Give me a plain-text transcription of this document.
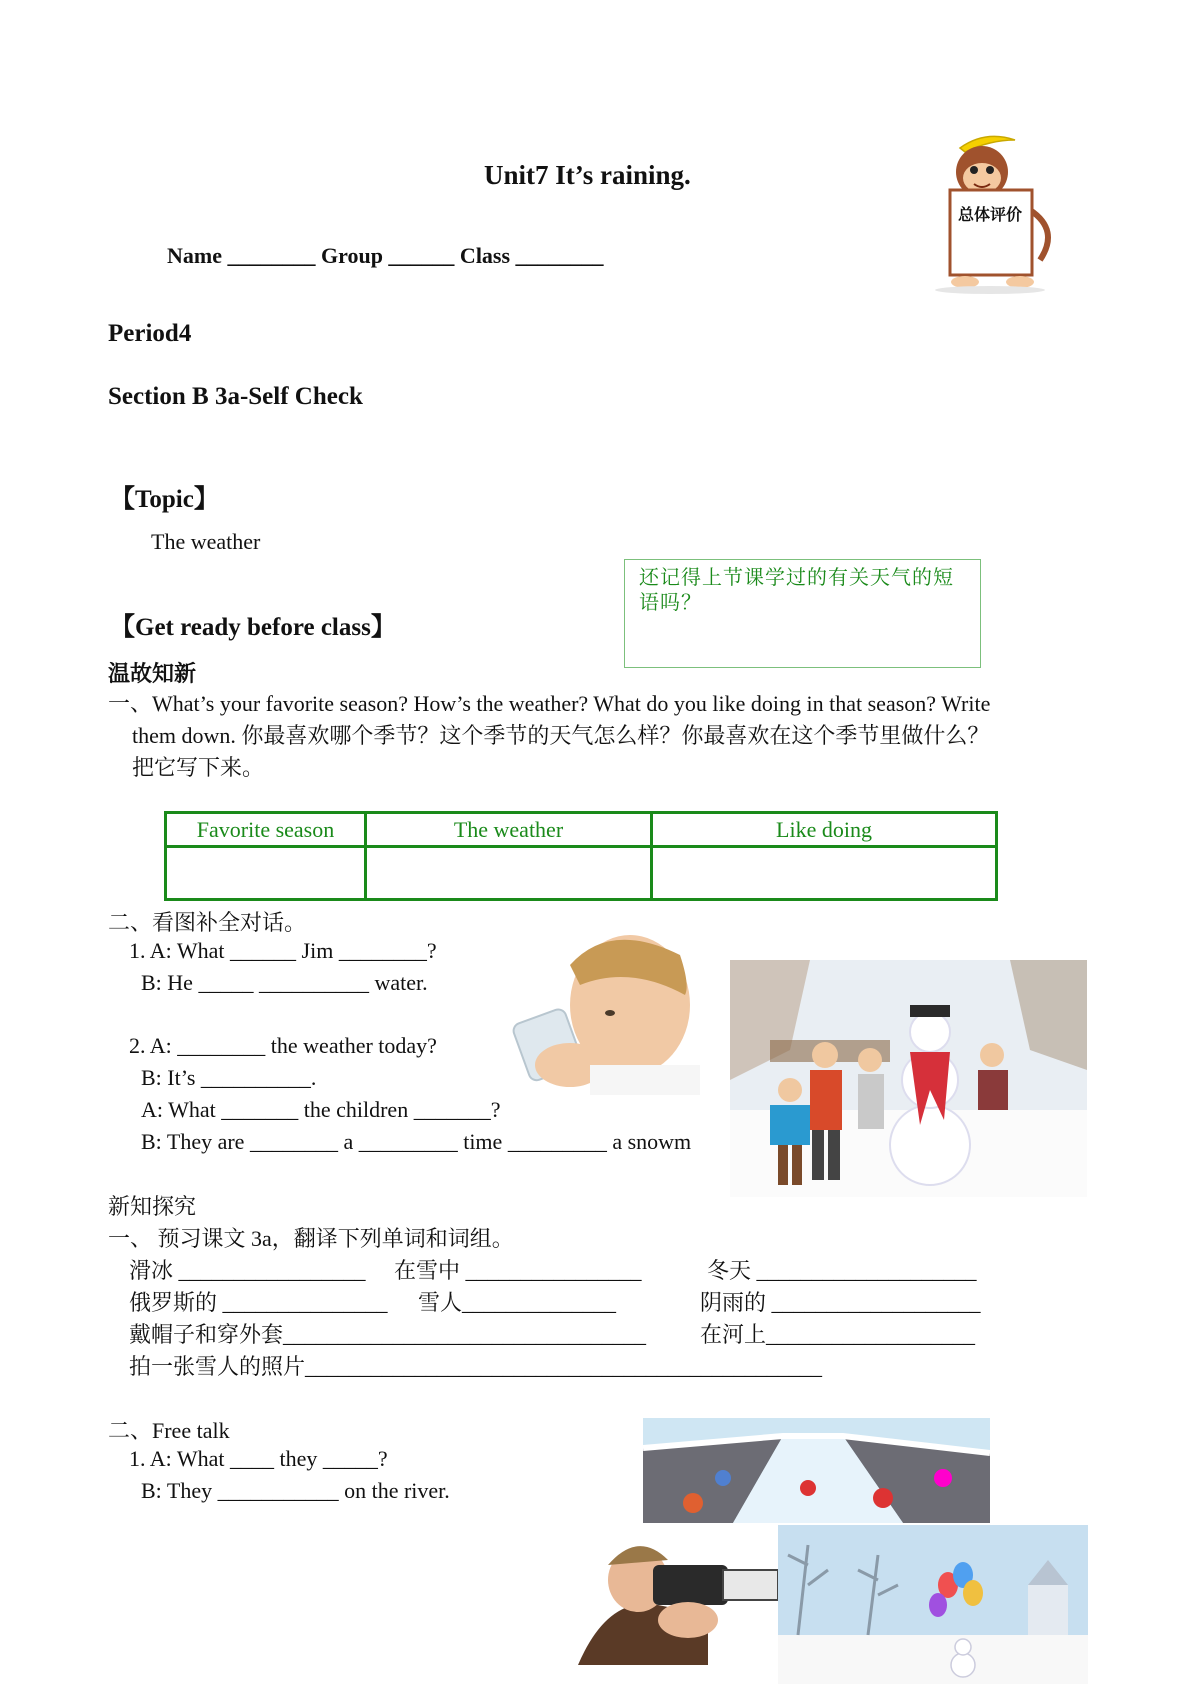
Unit7 It’s raining.
Name ________ Group ______ Class ________
总体评价
Period4
Section B 3a-Self Check
【Topic】
The weather
还记得上节课学过的有关天气的短语吗？
【Get ready before class】
温故知新
一、What’s your favorite season? How’s the weather? What do you like doing in that season? Write
them down. 你最喜欢哪个季节？这个季节的天气怎么样？你最喜欢在这个季节里做什么？
把它写下来。
Favorite season	The weather	Like doing

二、看图补全对话。
1. A: What ______ Jim ________?
B: He _____ __________ water.
2. A: ________ the weather today?
B: It’s __________.
A: What _______ the children _______?
B: They are ________ a _________ time _________ a snowm
新知探究
一、 预习课文 3a，翻译下列单词和词组。
滑冰 _________________ 在雪中 ________________	冬天 ____________________
俄罗斯的 _______________ 雪人______________	阴雨的 ___________________
戴帽子和穿外套_________________________________ 在河上___________________
拍一张雪人的照片_______________________________________________
二、Free talk
1. A: What ____ they _____?
B: They ___________ on the river.
